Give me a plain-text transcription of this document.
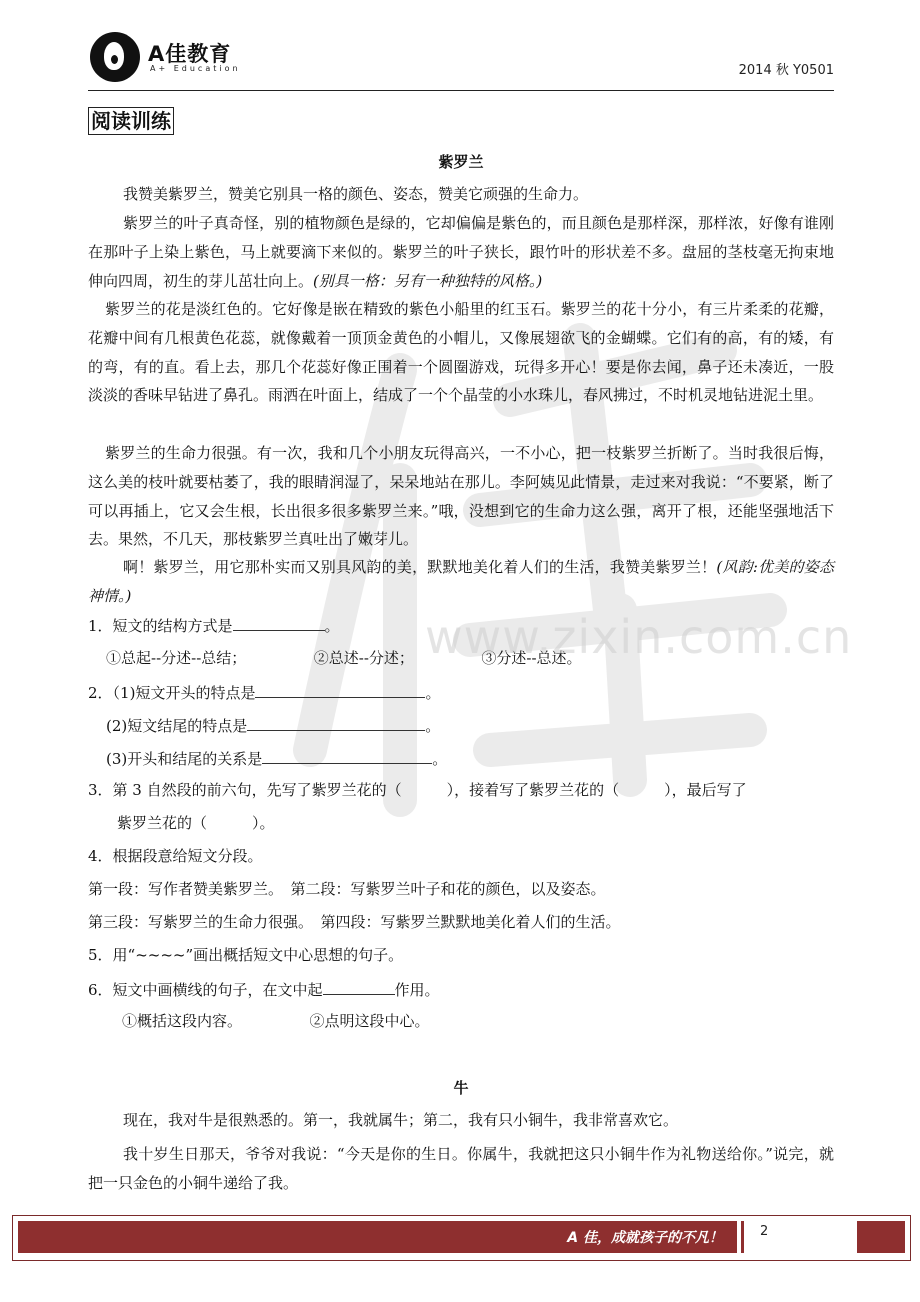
A佳教育
A+ Education	2014 秋 Y0501
阅读训练
紫罗兰
我赞美紫罗兰，赞美它别具一格的颜色、姿态，赞美它顽强的生命力。
紫罗兰的叶子真奇怪，别的植物颜色是绿的，它却偏偏是紫色的，而且颜色是那样深，那样浓，好像有谁刚在那叶子上染上紫色，马上就要滴下来似的。紫罗兰的叶子狭长，跟竹叶的形状差不多。盘屈的茎枝毫无拘束地伸向四周，初生的芽儿茁壮向上。(别具一格：另有一种独特的风格。)
紫罗兰的花是淡红色的。它好像是嵌在精致的紫色小船里的红玉石。紫罗兰的花十分小，有三片柔柔的花瓣，花瓣中间有几根黄色花蕊，就像戴着一顶顶金黄色的小帽儿，又像展翅欲飞的金蝴蝶。它们有的高，有的矮，有的弯，有的直。看上去，那几个花蕊好像正围着一个圆圈游戏，玩得多开心！要是你去闻，鼻子还未凑近，一股淡淡的香味早钻进了鼻孔。雨洒在叶面上，结成了一个个晶莹的小水珠儿，春风拂过，不时机灵地钻进泥土里。
紫罗兰的生命力很强。有一次，我和几个小朋友玩得高兴，一不小心，把一枝紫罗兰折断了。当时我很后悔，这么美的枝叶就要枯萎了，我的眼睛润湿了，呆呆地站在那儿。李阿姨见此情景，走过来对我说：“不要紧，断了可以再插上，它又会生根，长出很多很多紫罗兰来。”哦，没想到它的生命力这么强，离开了根，还能坚强地活下去。果然，不几天，那枝紫罗兰真吐出了嫩芽儿。
啊！紫罗兰，用它那朴实而又别具风韵的美，默默地美化着人们的生活，我赞美紫罗兰！(风韵:优美的姿态神情。)
1．短文的结构方式是	。
①总起--分述--总结；　　　　　②总述--分述；　　　　　③分述--总述。
2．（1)短文开头的特点是	。
(2)短文结尾的特点是	。
(3)开头和结尾的关系是	。
3．第 3 自然段的前六句，先写了紫罗兰花的（　　　），接着写了紫罗兰花的（　　　），最后写了
紫罗兰花的（　　　）。
4．根据段意给短文分段。
第一段：写作者赞美紫罗兰。　第二段：写紫罗兰叶子和花的颜色，以及姿态。
第三段：写紫罗兰的生命力很强。　第四段：写紫罗兰默默地美化着人们的生活。
5．用“~~~~”画出概括短文中心思想的句子。
6．短文中画横线的句子，在文中起	作用。
①概括这段内容。　　　　　②点明这段中心。
牛
现在，我对牛是很熟悉的。第一，我就属牛；第二，我有只小铜牛，我非常喜欢它。
我十岁生日那天，爷爷对我说：“今天是你的生日。你属牛，我就把这只小铜牛作为礼物送给你。”说完，就把一只金色的小铜牛递给了我。
www.zixin.com.cn
A 佳，成就孩子的不凡！	2
